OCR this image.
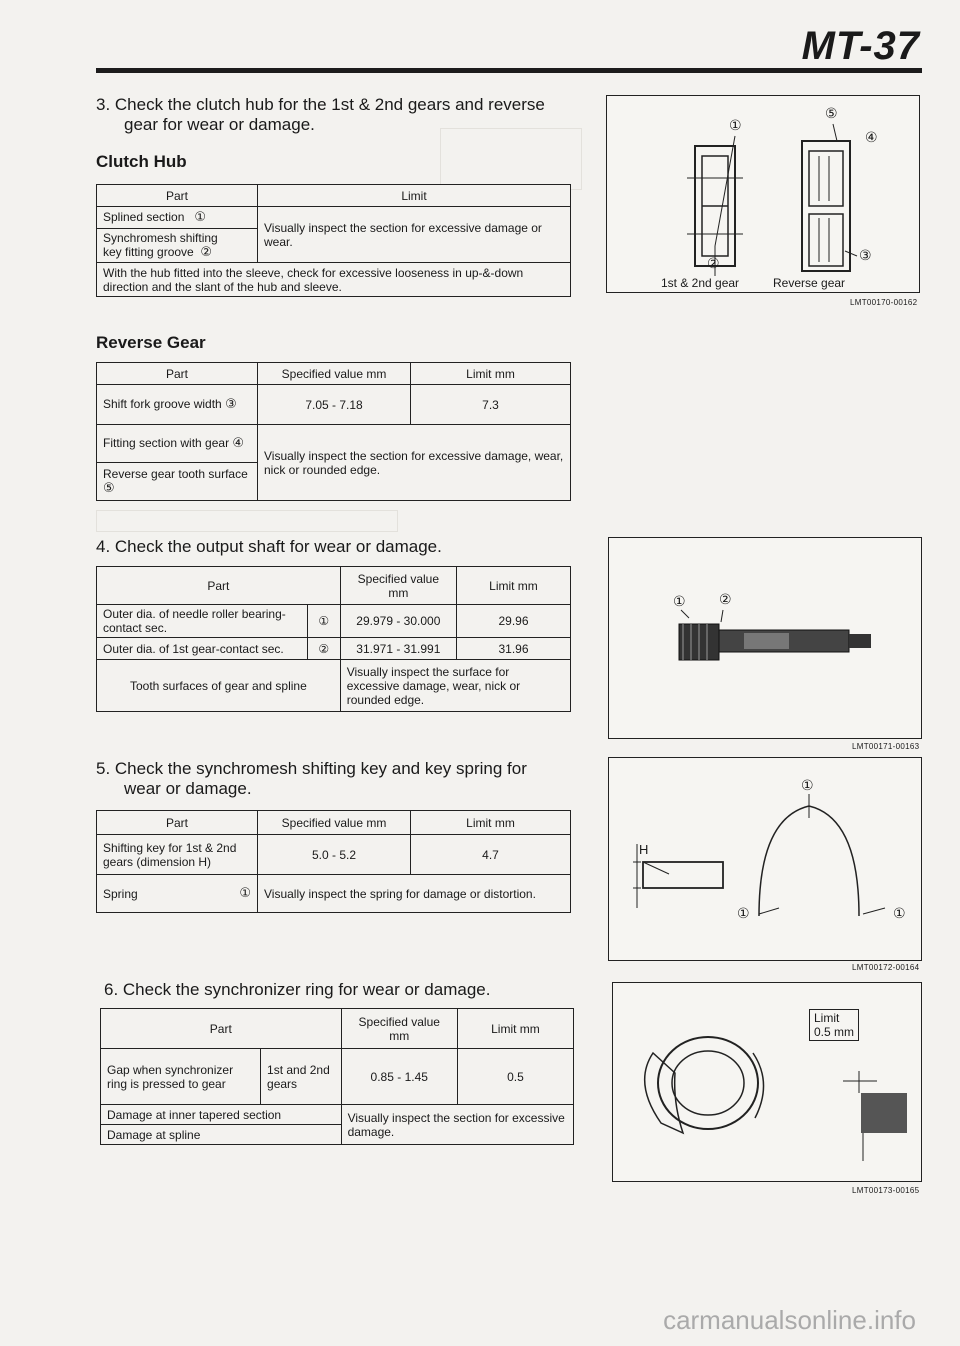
MT-37
3. Check the clutch hub for the 1st & 2nd gears and reverse
gear for wear or damage.
Clutch Hub
Part	Limit
Splined section ①	Visually inspect the section for excessive damage or wear.
Synchromesh shifting
key fitting groove ②	
With the hub fitted into the sleeve, check for excessive looseness in up-&-down direction and the slant of the hub and sleeve.	
Reverse Gear
Part	Specified value mm	Limit mm
Shift fork groove width ③	7.05 - 7.18	7.3
Fitting section with gear ④	Visually inspect the section for excessive damage, wear, nick or rounded edge.	
Reverse gear tooth surface ⑤		
4. Check the output shaft for wear or damage.
Part		Specified value mm	Limit mm
Outer dia. of needle roller bearing-contact sec.	①	29.979 - 30.000	29.96
Outer dia. of 1st gear-contact sec.	②	31.971 - 31.991	31.96
Tooth surfaces of gear and spline		Visually inspect the surface for excessive damage, wear, nick or rounded edge.	
5. Check the synchromesh shifting key and key spring for
wear or damage.
Part	Specified value mm	Limit mm
Shifting key for 1st & 2nd gears (dimension H)	5.0 - 5.2	4.7
Spring ①	Visually inspect the spring for damage or distortion.	
6. Check the synchronizer ring for wear or damage.
Part		Specified value mm	Limit mm
Gap when synchronizer ring is pressed to gear	1st and 2nd gears	0.85 - 1.45	0.5
Damage at inner tapered section		Visually inspect the section for excessive damage.	
Damage at spline			
①
⑤
④
②	③
1st & 2nd gear	Reverse gear
LMT00170-00162
① ②
LMT00171-00163
H
①
①	①
LMT00172-00164
Limit
0.5 mm
LMT00173-00165
carmanualsonline.info
